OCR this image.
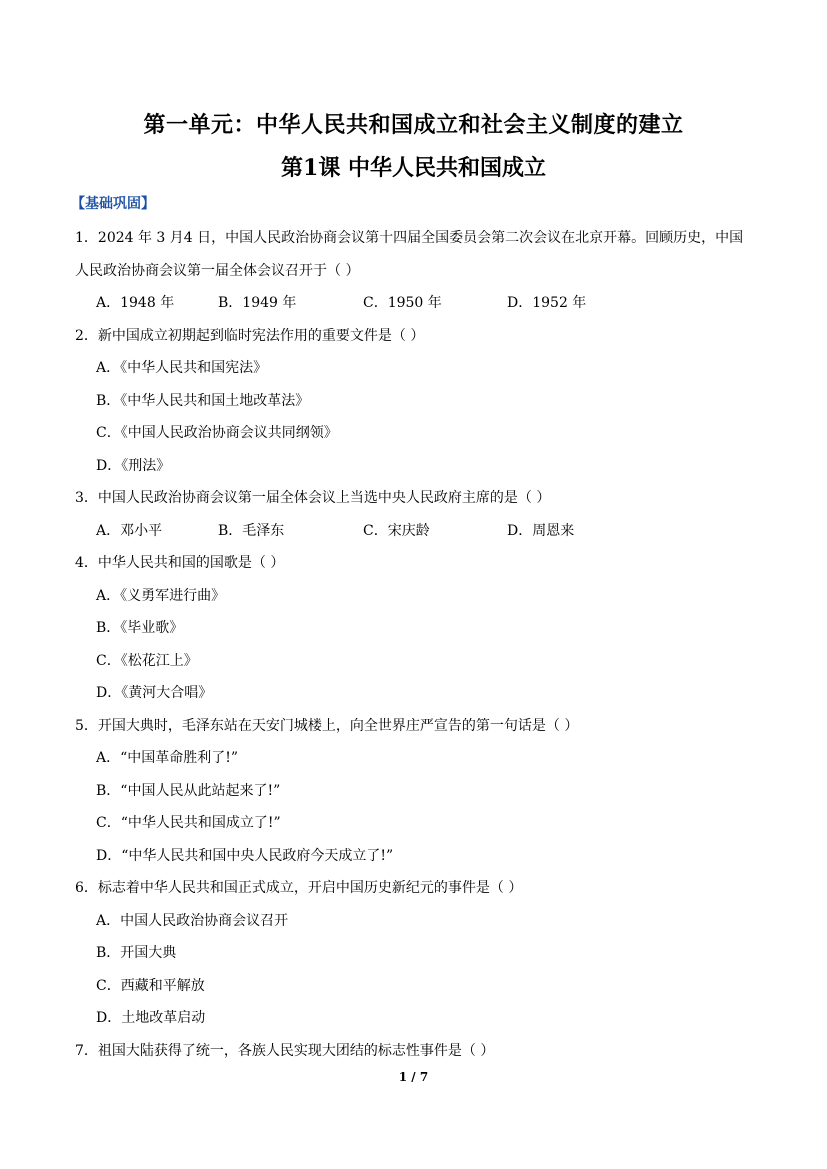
第一单元：中华人民共和国成立和社会主义制度的建立
第1课 中华人民共和国成立
【基础巩固】
1．2024 年 3 月4 日，中国人民政治协商会议第十四届全国委员会第二次会议在北京开幕。回顾历史，中国
人民政治协商会议第一届全体会议召开于（ ）
A．1948 年	B．1949 年	C．1950 年	D．1952 年
2．新中国成立初期起到临时宪法作用的重要文件是（ ）
A．《中华人民共和国宪法》
B．《中华人民共和国土地改革法》
C．《中国人民政治协商会议共同纲领》
D．《刑法》
3．中国人民政治协商会议第一届全体会议上当选中央人民政府主席的是（ ）
A．邓小平	B．毛泽东	C．宋庆龄	D．周恩来
4．中华人民共和国的国歌是（ ）
A．《义勇军进行曲》
B．《毕业歌》
C．《松花江上》
D．《黄河大合唱》
5．开国大典时，毛泽东站在天安门城楼上，向全世界庄严宣告的第一句话是（ ）
A．“中国革命胜利了!”
B．“中国人民从此站起来了!”
C．“中华人民共和国成立了!”
D．“中华人民共和国中央人民政府今天成立了!”
6．标志着中华人民共和国正式成立，开启中国历史新纪元的事件是（ ）
A．中国人民政治协商会议召开
B．开国大典
C．西藏和平解放
D．土地改革启动
7．祖国大陆获得了统一，各族人民实现大团结的标志性事件是（ ）
1 / 7
